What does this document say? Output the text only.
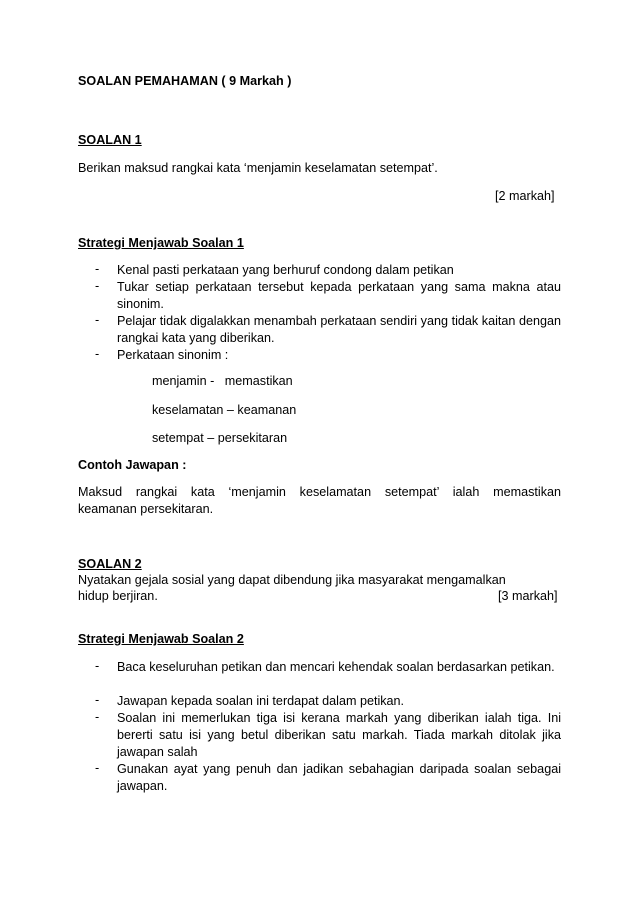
SOALAN PEMAHAMAN ( 9 Markah )
SOALAN 1
Berikan maksud rangkai kata ‘menjamin keselamatan setempat’.
[2 markah]
Strategi Menjawab Soalan 1
- Kenal pasti perkataan yang berhuruf condong dalam petikan
- Tukar setiap perkataan tersebut kepada perkataan yang sama makna atau sinonim.
- Pelajar tidak digalakkan menambah perkataan sendiri yang tidak kaitan dengan rangkai kata yang diberikan.
- Perkataan sinonim :
menjamin -   memastikan
keselamatan – keamanan
setempat – persekitaran
Contoh Jawapan :
Maksud rangkai kata ‘menjamin keselamatan setempat’ ialah memastikan
keamanan persekitaran.
SOALAN 2
Nyatakan gejala sosial yang dapat dibendung jika masyarakat mengamalkan
hidup berjiran.	[3 markah]
Strategi Menjawab Soalan 2
- Baca keseluruhan petikan dan mencari kehendak soalan berdasarkan petikan.
- Jawapan kepada soalan ini terdapat dalam petikan.
- Soalan ini memerlukan tiga isi kerana markah yang diberikan ialah tiga. Ini bererti satu isi yang betul diberikan satu markah. Tiada markah ditolak jika jawapan salah
- Gunakan ayat yang penuh dan jadikan sebahagian daripada soalan sebagai jawapan.
